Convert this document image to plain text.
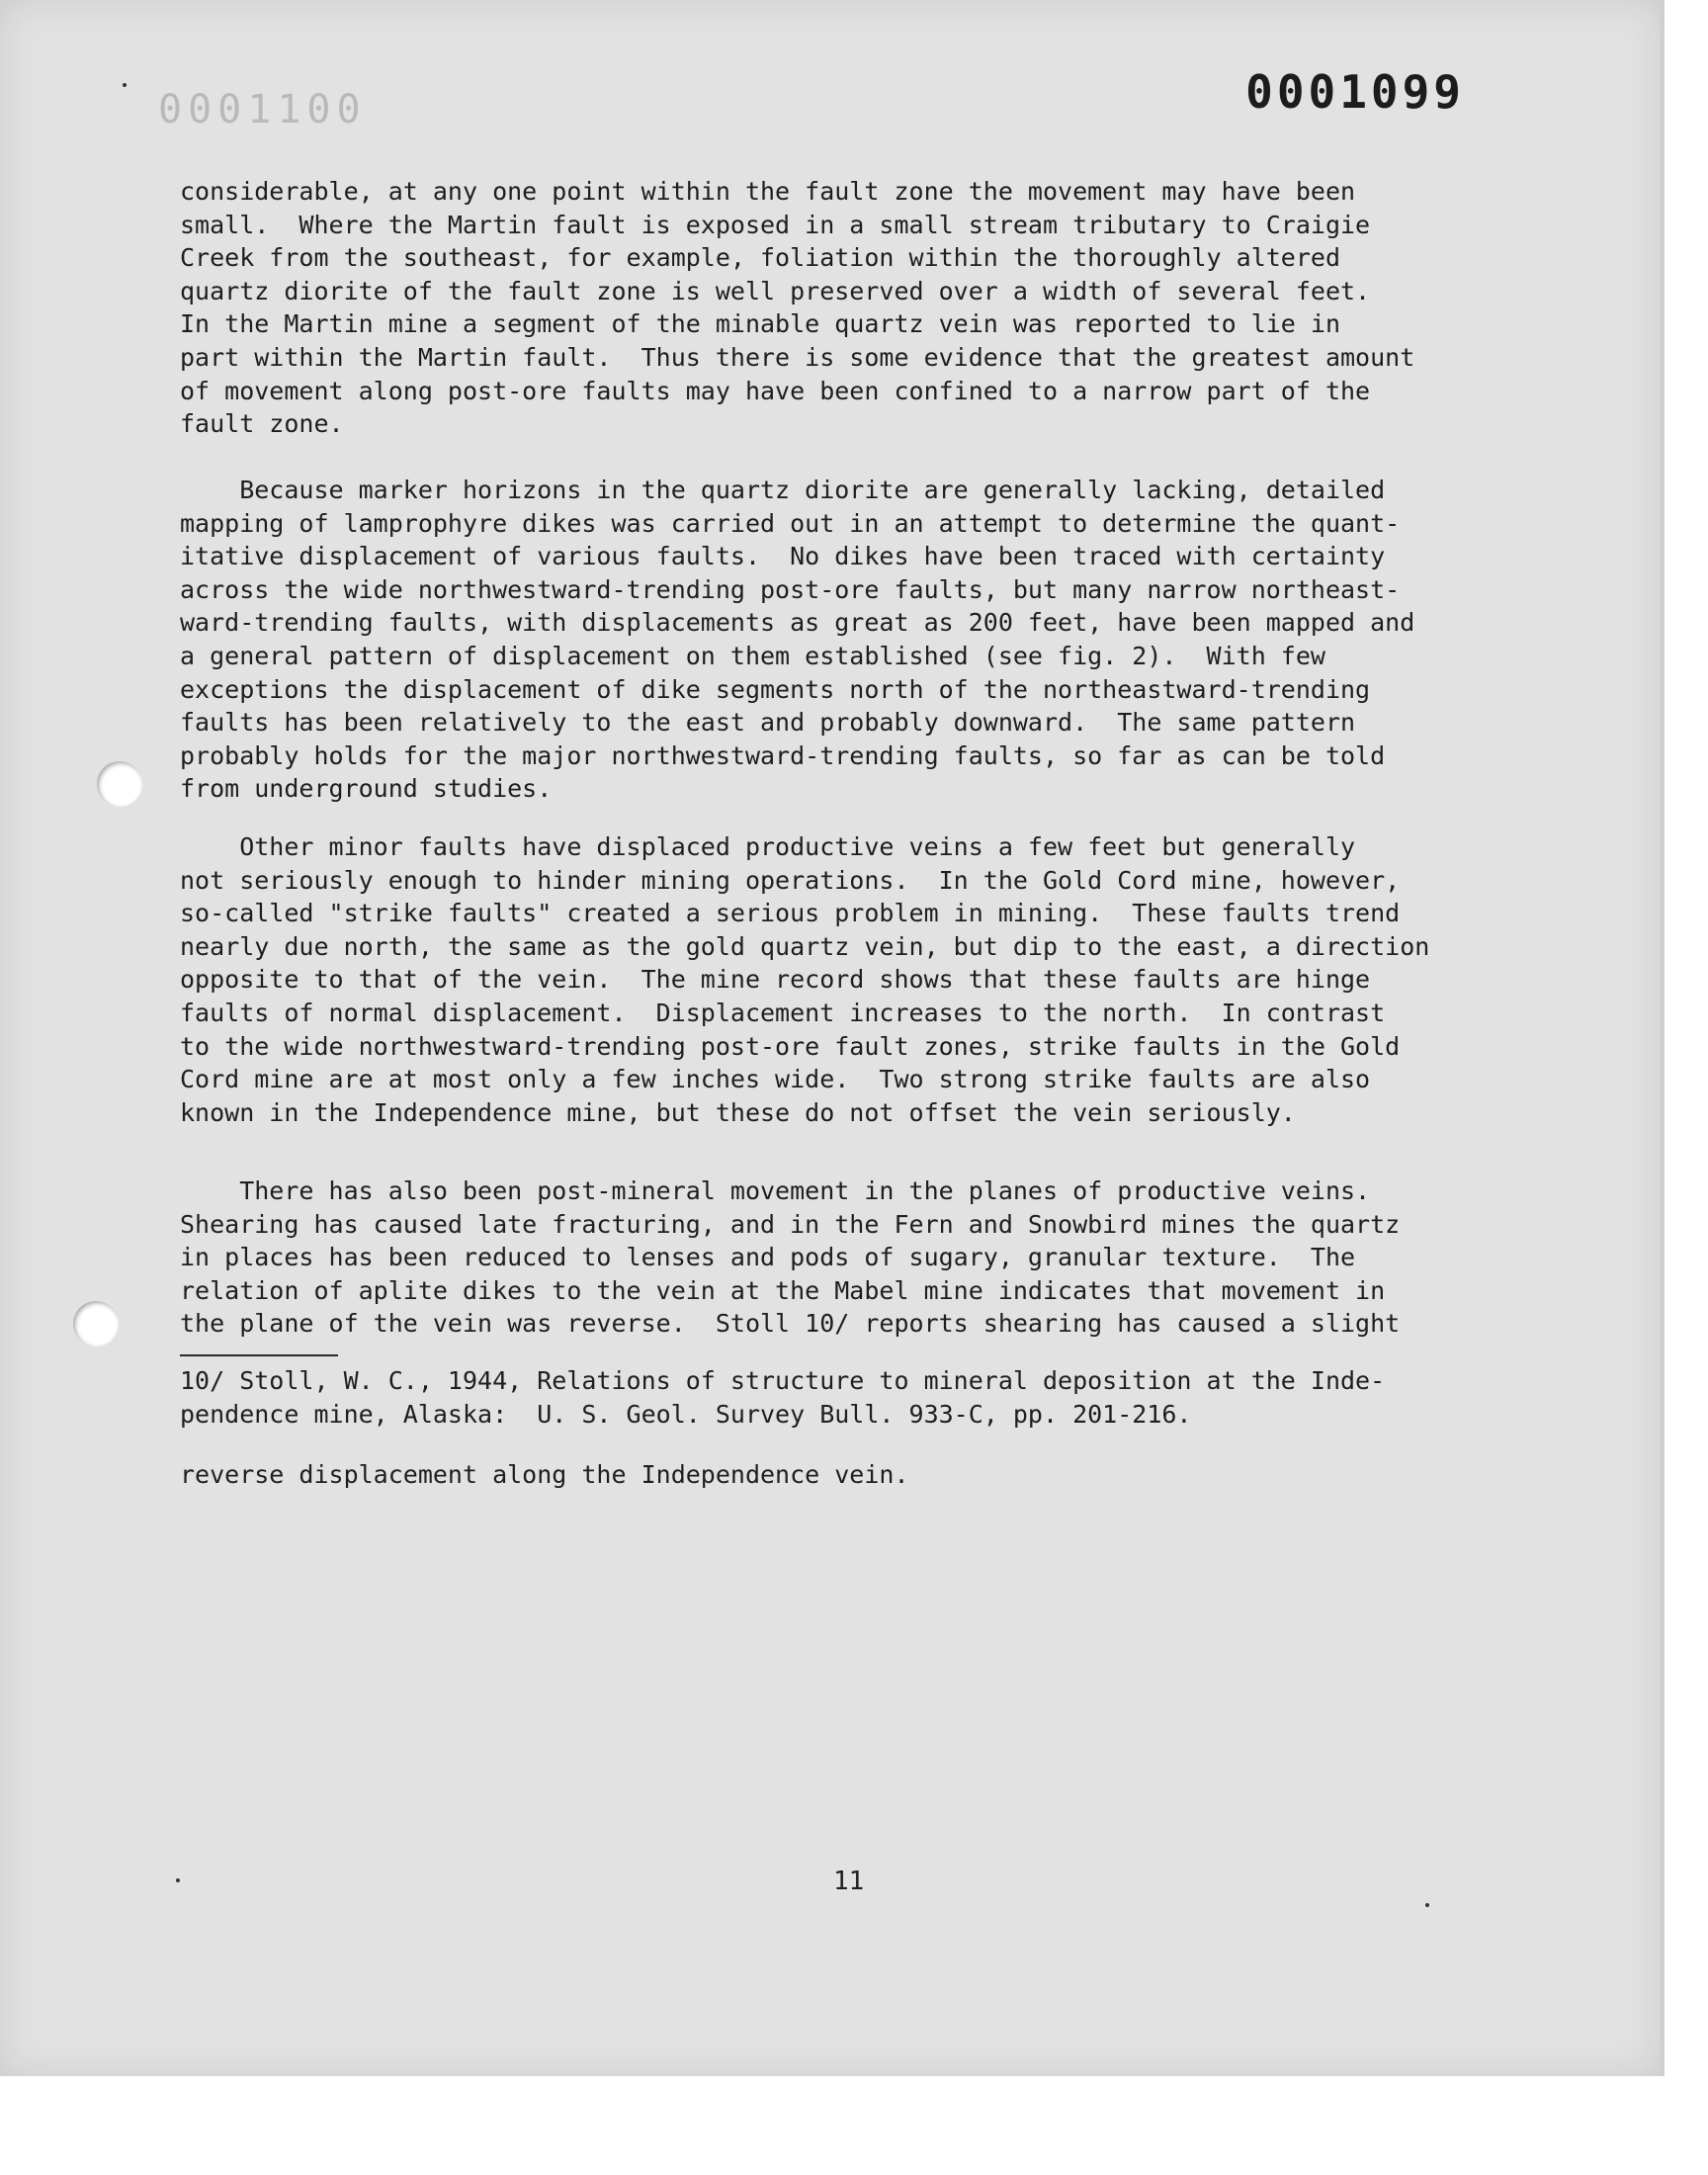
0001100	0001099
considerable, at any one point within the fault zone the movement may have been
small.  Where the Martin fault is exposed in a small stream tributary to Craigie
Creek from the southeast, for example, foliation within the thoroughly altered
quartz diorite of the fault zone is well preserved over a width of several feet.
In the Martin mine a segment of the minable quartz vein was reported to lie in
part within the Martin fault.  Thus there is some evidence that the greatest amount
of movement along post-ore faults may have been confined to a narrow part of the
fault zone.
Because marker horizons in the quartz diorite are generally lacking, detailed
mapping of lamprophyre dikes was carried out in an attempt to determine the quant-
itative displacement of various faults.  No dikes have been traced with certainty
across the wide northwestward-trending post-ore faults, but many narrow northeast-
ward-trending faults, with displacements as great as 200 feet, have been mapped and
a general pattern of displacement on them established (see fig. 2).  With few
exceptions the displacement of dike segments north of the northeastward-trending
faults has been relatively to the east and probably downward.  The same pattern
probably holds for the major northwestward-trending faults, so far as can be told
from underground studies.
Other minor faults have displaced productive veins a few feet but generally
not seriously enough to hinder mining operations.  In the Gold Cord mine, however,
so-called "strike faults" created a serious problem in mining.  These faults trend
nearly due north, the same as the gold quartz vein, but dip to the east, a direction
opposite to that of the vein.  The mine record shows that these faults are hinge
faults of normal displacement.  Displacement increases to the north.  In contrast
to the wide northwestward-trending post-ore fault zones, strike faults in the Gold
Cord mine are at most only a few inches wide.  Two strong strike faults are also
known in the Independence mine, but these do not offset the vein seriously.
There has also been post-mineral movement in the planes of productive veins.
Shearing has caused late fracturing, and in the Fern and Snowbird mines the quartz
in places has been reduced to lenses and pods of sugary, granular texture.  The
relation of aplite dikes to the vein at the Mabel mine indicates that movement in
the plane of the vein was reverse.  Stoll 10/ reports shearing has caused a slight
10/ Stoll, W. C., 1944, Relations of structure to mineral deposition at the Inde-
pendence mine, Alaska:  U. S. Geol. Survey Bull. 933-C, pp. 201-216.
reverse displacement along the Independence vein.
11
